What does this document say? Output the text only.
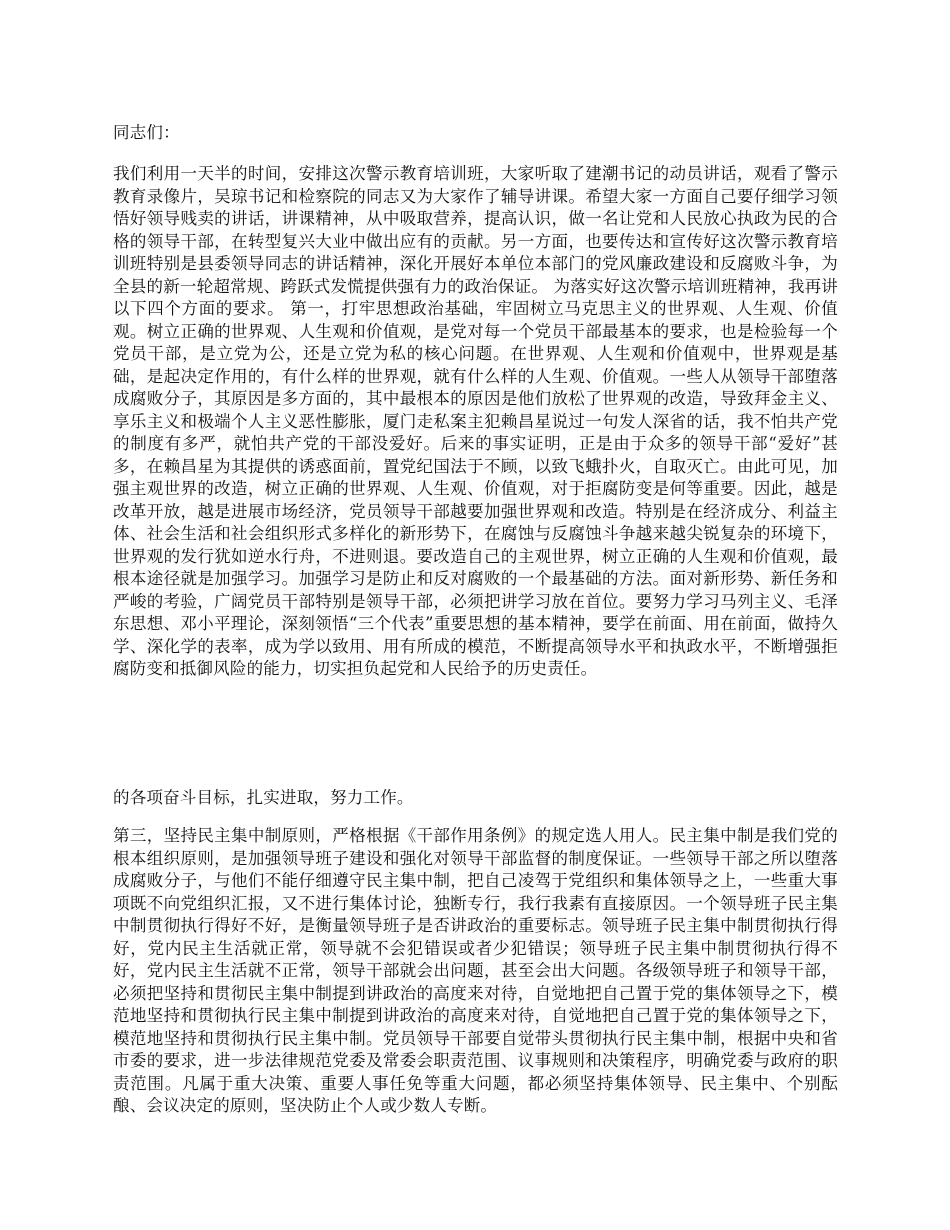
同志们：

我们利用一天半的时间，安排这次警示教育培训班，大家听取了建潮书记的动员讲话，观看了警示教育录像片，吴琼书记和检察院的同志又为大家作了辅导讲课。希望大家一方面自己要仔细学习领悟好领导贱卖的讲话，讲课精神，从中吸取营养，提高认识，做一名让党和人民放心执政为民的合格的领导干部，在转型复兴大业中做出应有的贡献。另一方面，也要传达和宣传好这次警示教育培训班特别是县委领导同志的讲话精神，深化开展好本单位本部门的党风廉政建设和反腐败斗争，为全县的新一轮超常规、跨跃式发慌提供强有力的政治保证。 为落实好这次警示培训班精神，我再讲以下四个方面的要求。 第一，打牢思想政治基础，牢固树立马克思主义的世界观、人生观、价值观。树立正确的世界观、人生观和价值观，是党对每一个党员干部最基本的要求，也是检验每一个党员干部，是立党为公，还是立党为私的核心问题。在世界观、人生观和价值观中，世界观是基础，是起决定作用的，有什么样的世界观，就有什么样的人生观、价值观。一些人从领导干部堕落成腐败分子，其原因是多方面的，其中最根本的原因是他们放松了世界观的改造，导致拜金主义、享乐主义和极端个人主义恶性膨胀，厦门走私案主犯赖昌星说过一句发人深省的话，我不怕共产党的制度有多严，就怕共产党的干部没爱好。后来的事实证明，正是由于众多的领导干部“爱好”甚多，在赖昌星为其提供的诱惑面前，置党纪国法于不顾，以致飞蛾扑火，自取灭亡。由此可见，加强主观世界的改造，树立正确的世界观、人生观、价值观，对于拒腐防变是何等重要。因此，越是改革开放，越是进展市场经济，党员领导干部越要加强世界观和改造。特别是在经济成分、利益主体、社会生活和社会组织形式多样化的新形势下，在腐蚀与反腐蚀斗争越来越尖锐复杂的环境下，世界观的发行犹如逆水行舟，不进则退。要改造自己的主观世界，树立正确的人生观和价值观，最根本途径就是加强学习。加强学习是防止和反对腐败的一个最基础的方法。面对新形势、新任务和严峻的考验，广阔党员干部特别是领导干部，必须把讲学习放在首位。要努力学习马列主义、毛泽东思想、邓小平理论，深刻领悟“三个代表”重要思想的基本精神，要学在前面、用在前面，做持久学、深化学的表率，成为学以致用、用有所成的模范，不断提高领导水平和执政水平，不断增强拒腐防变和抵御风险的能力，切实担负起党和人民给予的历史责任。

的各项奋斗目标，扎实进取，努力工作。

第三，坚持民主集中制原则，严格根据《干部作用条例》的规定选人用人。民主集中制是我们党的根本组织原则，是加强领导班子建设和强化对领导干部监督的制度保证。一些领导干部之所以堕落成腐败分子，与他们不能仔细遵守民主集中制，把自己凌驾于党组织和集体领导之上，一些重大事项既不向党组织汇报，又不进行集体讨论，独断专行，我行我素有直接原因。一个领导班子民主集中制贯彻执行得好不好，是衡量领导班子是否讲政治的重要标志。领导班子民主集中制贯彻执行得好，党内民主生活就正常，领导就不会犯错误或者少犯错误；领导班子民主集中制贯彻执行得不好，党内民主生活就不正常，领导干部就会出问题，甚至会出大问题。各级领导班子和领导干部，必须把坚持和贯彻民主集中制提到讲政治的高度来对待，自觉地把自己置于党的集体领导之下，模范地坚持和贯彻执行民主集中制提到讲政治的高度来对待，自觉地把自己置于党的集体领导之下，模范地坚持和贯彻执行民主集中制。党员领导干部要自觉带头贯彻执行民主集中制，根据中央和省市委的要求，进一步法律规范党委及常委会职责范围、议事规则和决策程序，明确党委与政府的职责范围。凡属于重大决策、重要人事任免等重大问题，都必须坚持集体领导、民主集中、个别酝酿、会议决定的原则，坚决防止个人或少数人专断。
